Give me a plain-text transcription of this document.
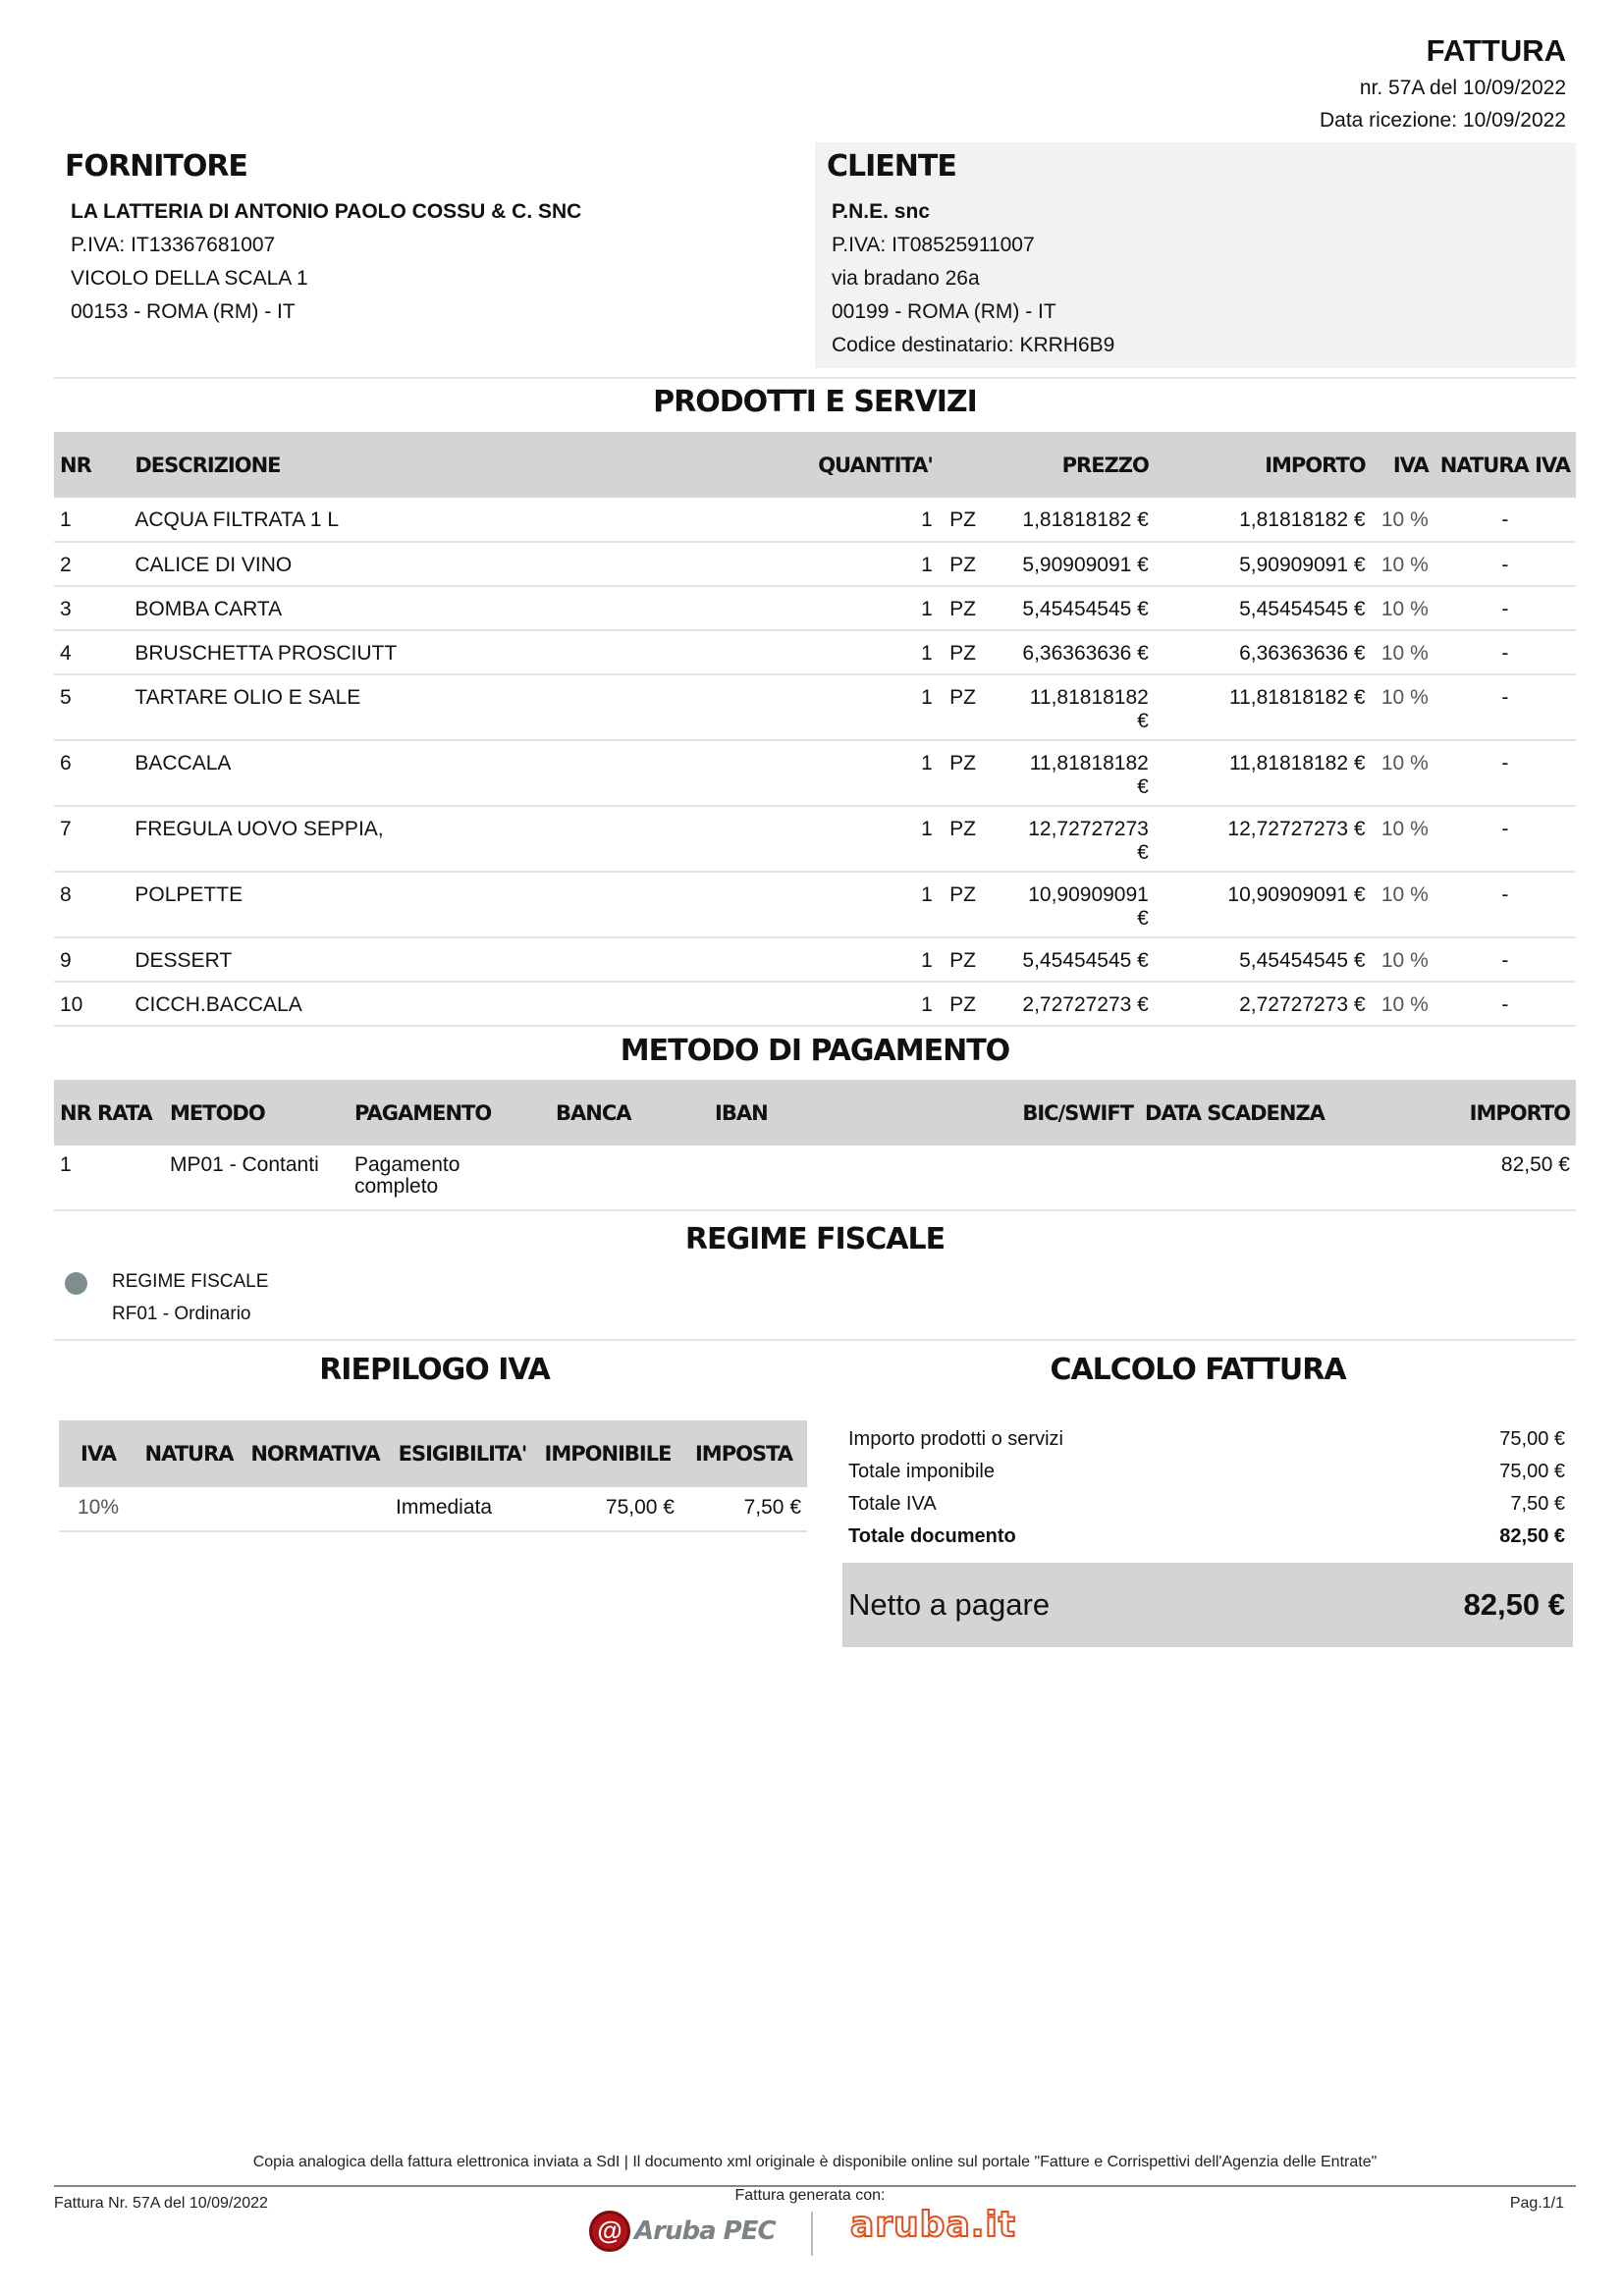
FATTURA
nr. 57A del 10/09/2022
Data ricezione: 10/09/2022
FORNITORE
LA LATTERIA DI ANTONIO PAOLO COSSU & C. SNC
P.IVA: IT13367681007
VICOLO DELLA SCALA 1
00153 - ROMA (RM) - IT
CLIENTE
P.N.E. snc
P.IVA: IT08525911007
via bradano 26a
00199 - ROMA (RM) - IT
Codice destinatario: KRRH6B9
PRODOTTI E SERVIZI
NR	DESCRIZIONE	QUANTITA'		PREZZO	IMPORTO	IVA	NATURA IVA
1	ACQUA FILTRATA 1 L	1	PZ	1,81818182 €	1,81818182 €	10 %	-
2	CALICE DI VINO	1	PZ	5,90909091 €	5,90909091 €	10 %	-
3	BOMBA CARTA	1	PZ	5,45454545 €	5,45454545 €	10 %	-
4	BRUSCHETTA PROSCIUTT	1	PZ	6,36363636 €	6,36363636 €	10 %	-
5	TARTARE OLIO E SALE	1	PZ	11,81818182 €	11,81818182 €	10 %	-
6	BACCALA	1	PZ	11,81818182 €	11,81818182 €	10 %	-
7	FREGULA UOVO SEPPIA,	1	PZ	12,72727273 €	12,72727273 €	10 %	-
8	POLPETTE	1	PZ	10,90909091 €	10,90909091 €	10 %	-
9	DESSERT	1	PZ	5,45454545 €	5,45454545 €	10 %	-
10	CICCH.BACCALA	1	PZ	2,72727273 €	2,72727273 €	10 %	-
METODO DI PAGAMENTO
NR RATA	METODO	PAGAMENTO	BANCA	IBAN	BIC/SWIFT	DATA SCADENZA	IMPORTO
1	MP01 - Contanti	Pagamento completo					82,50 €
REGIME FISCALE
REGIME FISCALE
RF01 - Ordinario
RIEPILOGO IVA
IVA	NATURA	NORMATIVA	ESIGIBILITA'	IMPONIBILE	IMPOSTA
10%			Immediata	75,00 €	7,50 €
CALCOLO FATTURA
Importo prodotti o servizi	75,00 €
Totale imponibile	75,00 €
Totale IVA	7,50 €
Totale documento	82,50 €
Netto a pagare	82,50 €
Copia analogica della fattura elettronica inviata a SdI | Il documento xml originale è disponibile online sul portale "Fatture e Corrispettivi dell'Agenzia delle Entrate"
Fattura Nr. 57A del 10/09/2022	Fattura generata con:	Pag.1/1
@ Aruba PEC aruba.it
